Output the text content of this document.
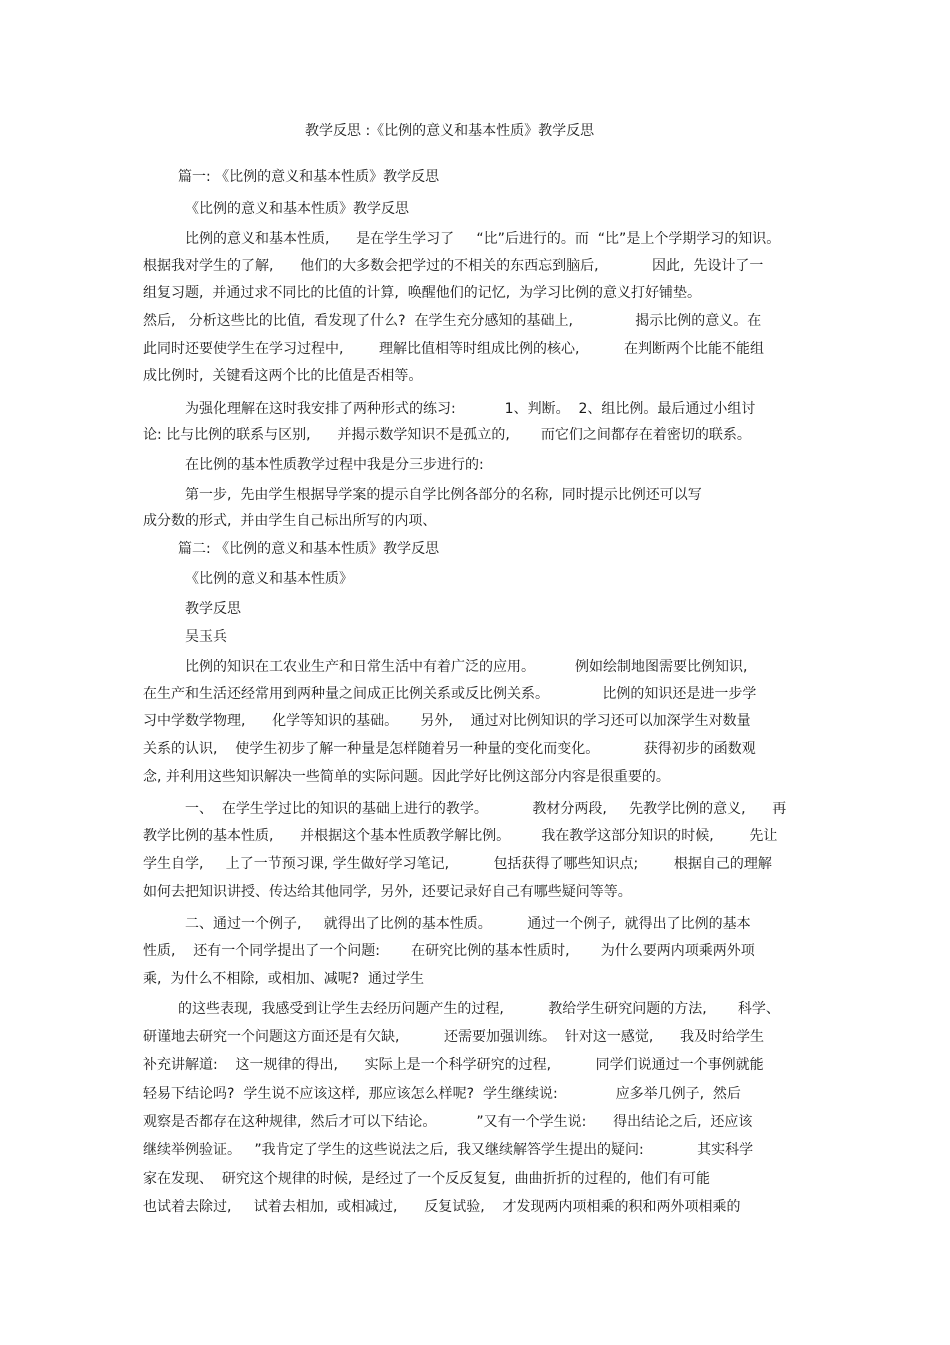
教学反思 :《比例的意义和基本性质》教学反思
篇一: 《比例的意义和基本性质》教学反思
《比例的意义和基本性质》教学反思
比例的意义和基本性质,      是在学生学习了     “比”后进行的。而  “比”是上个学期学习的知识。
根据我对学生的了解,      他们的大多数会把学过的不相关的东西忘到脑后,            因此,  先设计了一
组复习题,  并通过求不同比的比值的计算,  唤醒他们的记忆,  为学习比例的意义打好铺垫。
然后,   分析这些比的比值,  看发现了什么?  在学生充分感知的基础上,              揭示比例的意义。在
此同时还要使学生在学习过程中,        理解比值相等时组成比例的核心,          在判断两个比能不能组
成比例时,  关键看这两个比的比值是否相等。
为强化理解在这时我安排了两种形式的练习:           1、判断。  2、组比例。最后通过小组讨
论: 比与比例的联系与区别,      并揭示数学知识不是孤立的,       而它们之间都存在着密切的联系。
在比例的基本性质教学过程中我是分三步进行的:
第一步,  先由学生根据导学案的提示自学比例各部分的名称,  同时提示比例还可以写
成分数的形式,  并由学生自己标出所写的内项、
篇二: 《比例的意义和基本性质》教学反思
《比例的意义和基本性质》
教学反思
吴玉兵
比例的知识在工农业生产和日常生活中有着广泛的应用。         例如绘制地图需要比例知识,
在生产和生活还经常用到两种量之间成正比例关系或反比例关系。            比例的知识还是进一步学
习中学数学物理,      化学等知识的基础。     另外,    通过对比例知识的学习还可以加深学生对数量
关系的认识,    使学生初步了解一种量是怎样随着另一种量的变化而变化。          获得初步的函数观
念, 并利用这些知识解决一些简单的实际问题。因此学好比例这部分内容是很重要的。
一、  在学生学过比的知识的基础上进行的教学。          教材分两段,     先教学比例的意义,      再
教学比例的基本性质,      并根据这个基本性质教学解比例。       我在教学这部分知识的时候,        先让
学生自学,     上了一节预习课, 学生做好学习笔记,          包括获得了哪些知识点;        根据自己的理解
如何去把知识讲授、传达给其他同学,  另外,  还要记录好自己有哪些疑问等等。
二、通过一个例子,     就得出了比例的基本性质。        通过一个例子,  就得出了比例的基本
性质,    还有一个同学提出了一个问题:       在研究比例的基本性质时,       为什么要两内项乘两外项
乘,  为什么不相除,  或相加、减呢?  通过学生
的这些表现,  我感受到让学生去经历问题产生的过程,          教给学生研究问题的方法,       科学、
研谨地去研究一个问题这方面还是有欠缺,          还需要加强训练。  针对这一感觉,      我及时给学生
补充讲解道:    这一规律的得出,      实际上是一个科学研究的过程,          同学们说通过一个事例就能
轻易下结论吗?  学生说不应该这样,  那应该怎么样呢?  学生继续说:             应多举几例子,  然后
观察是否都存在这种规律,  然后才可以下结论。         ”又有一个学生说:      得出结论之后,  还应该
继续举例验证。   ”我肯定了学生的这些说法之后,  我又继续解答学生提出的疑问:            其实科学
家在发现、  研究这个规律的时候,  是经过了一个反反复复,  曲曲折折的过程的,  他们有可能
也试着去除过,     试着去相加,  或相减过,      反复试验,    才发现两内项相乘的积和两外项相乘的
